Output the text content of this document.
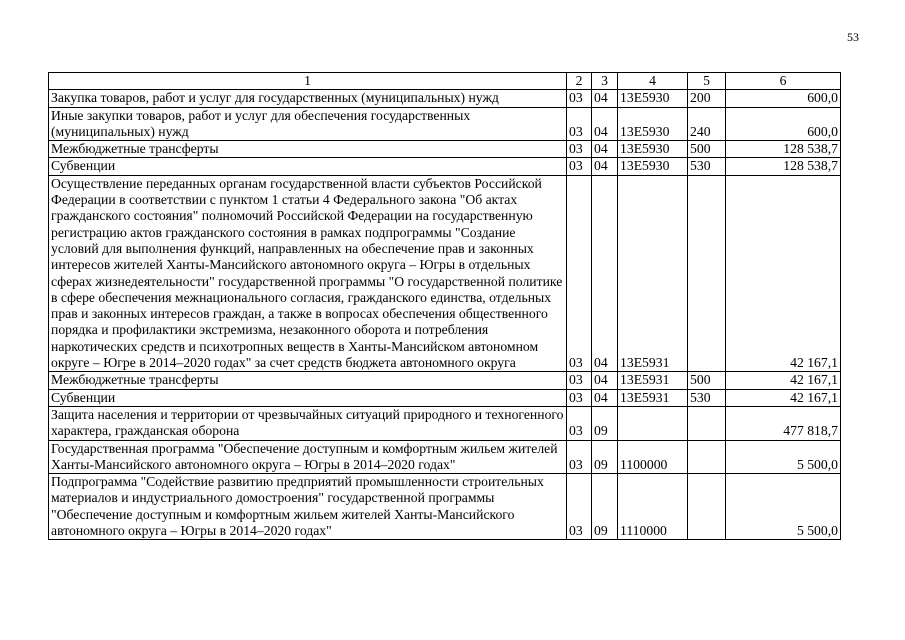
53
1	2	3	4	5	6
Закупка товаров, работ и услуг для государственных (муниципальных) нужд	03	04	13Е5930	200	600,0
Иные закупки товаров, работ и услуг для обеспечения государственных (муниципальных) нужд	03	04	13Е5930	240	600,0
Межбюджетные трансферты	03	04	13Е5930	500	128 538,7
Субвенции	03	04	13Е5930	530	128 538,7
Осуществление переданных органам государственной власти субъектов Российской Федерации в соответствии с пунктом 1 статьи 4 Федерального закона "Об актах гражданского состояния" полномочий Российской Федерации на государственную регистрацию актов гражданского состояния в рамках подпрограммы "Создание условий для выполнения функций, направленных на обеспечение прав и законных интересов жителей Ханты-Мансийского автономного округа – Югры в отдельных сферах жизнедеятельности" государственной программы "О государственной политике в сфере обеспечения межнационального согласия, гражданского единства, отдельных прав и законных интересов граждан, а также в вопросах обеспечения общественного порядка и профилактики экстремизма, незаконного оборота и потребления наркотических средств и психотропных веществ в Ханты-Мансийском автономном округе – Югре в 2014–2020 годах" за счет средств бюджета автономного округа	03	04	13Е5931		42 167,1
Межбюджетные трансферты	03	04	13Е5931	500	42 167,1
Субвенции	03	04	13Е5931	530	42 167,1
Защита населения и территории от чрезвычайных ситуаций природного и техногенного характера, гражданская оборона	03	09			477 818,7
Государственная программа "Обеспечение доступным и комфортным жильем жителей Ханты-Мансийского автономного округа – Югры в 2014–2020 годах"	03	09	1100000		5 500,0
Подпрограмма "Содействие развитию предприятий промышленности строительных материалов и индустриального домостроения" государственной программы "Обеспечение доступным и комфортным жильем жителей Ханты-Мансийского автономного округа – Югры в 2014–2020 годах"	03	09	1110000		5 500,0
